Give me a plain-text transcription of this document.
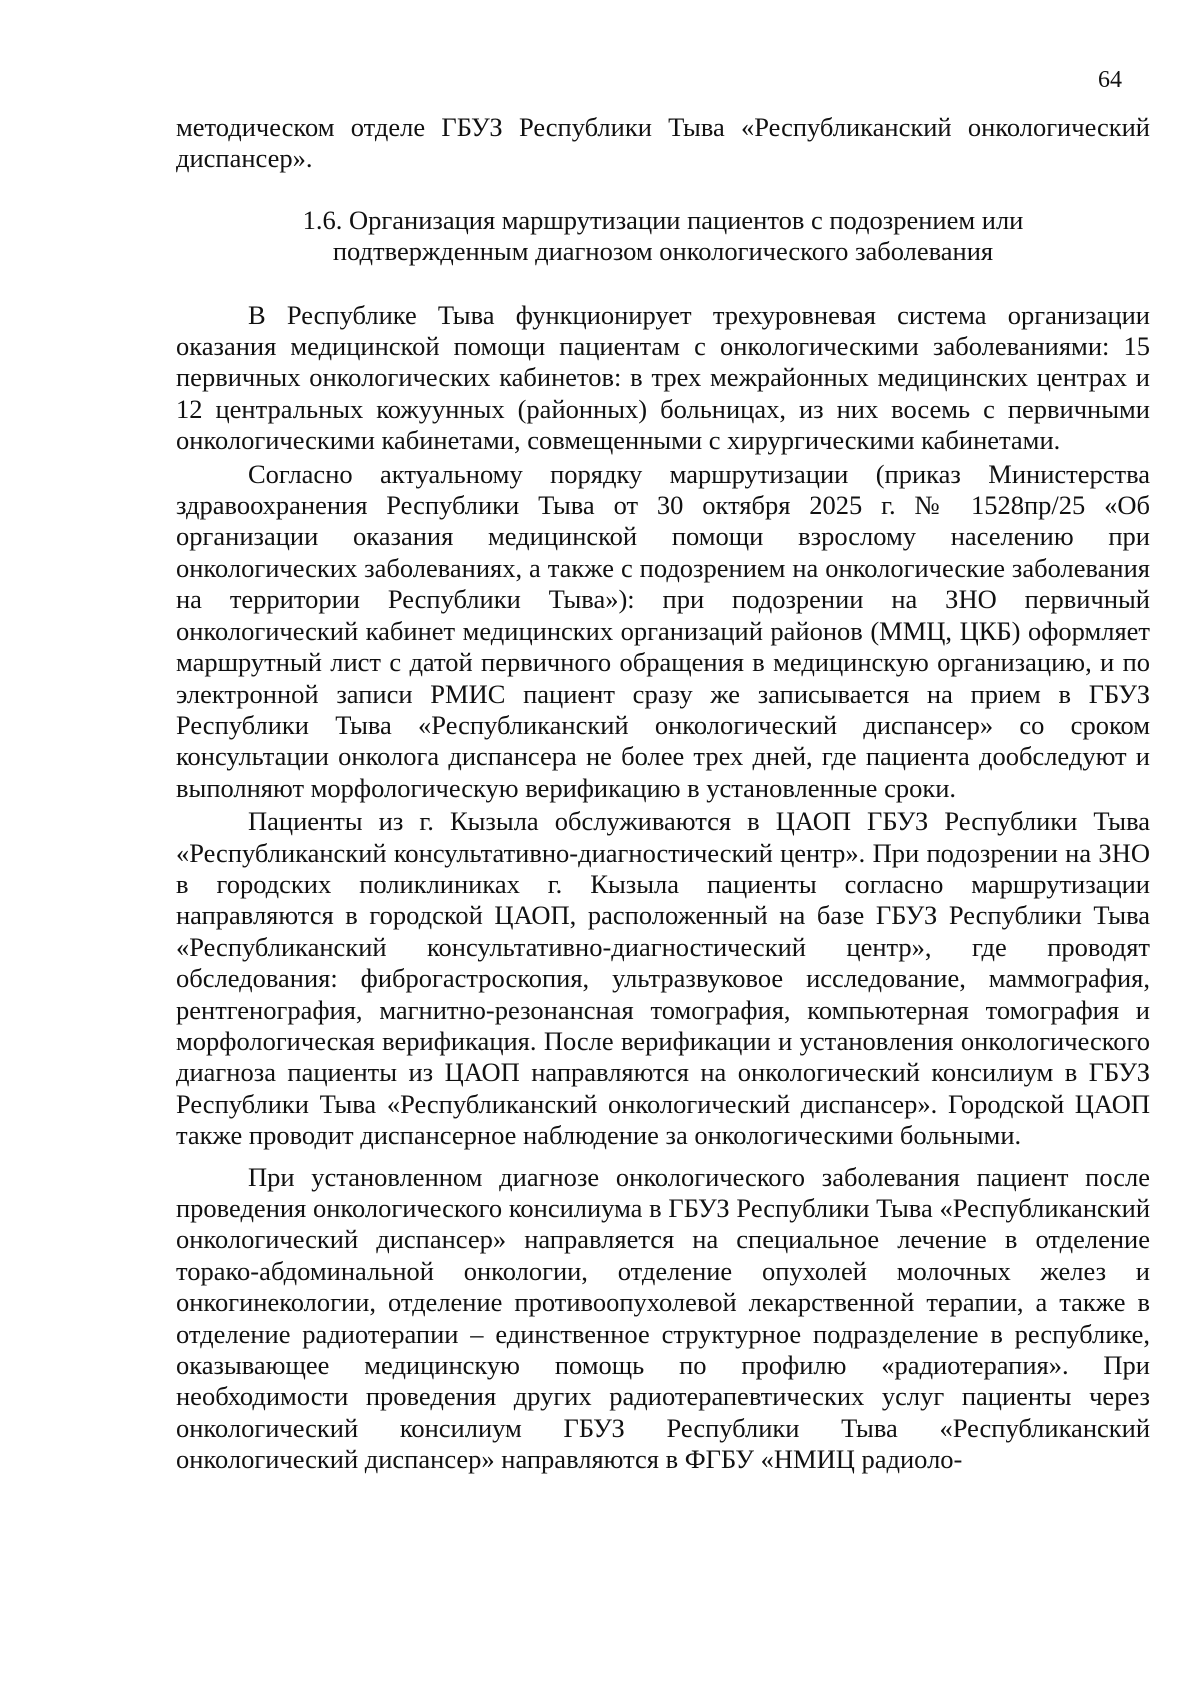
64

методическом отделе ГБУЗ Республики Тыва «Республиканский онкологический диспансер».

1.6. Организация маршрутизации пациентов с подозрением или
подтвержденным диагнозом онкологического заболевания

В Республике Тыва функционирует трехуровневая система организации оказания медицинской помощи пациентам с онкологическими заболеваниями: 15 первичных онкологических кабинетов: в трех межрайонных медицинских центрах и 12 центральных кожуунных (районных) больницах, из них восемь с первичными онкологическими кабинетами, совмещенными с хирургическими кабинетами.

Согласно актуальному порядку маршрутизации (приказ Министерства здравоохранения Республики Тыва от 30 октября 2025 г. № 1528пр/25 «Об организации оказания медицинской помощи взрослому населению при онкологических заболеваниях, а также с подозрением на онкологические заболевания на территории Республики Тыва»): при подозрении на ЗНО первичный онкологический кабинет медицинских организаций районов (ММЦ, ЦКБ) оформляет маршрутный лист с датой первичного обращения в медицинскую организацию, и по электронной записи РМИС пациент сразу же записывается на прием в ГБУЗ Республики Тыва «Республиканский онкологический диспансер» со сроком консультации онколога диспансера не более трех дней, где пациента дообследуют и выполняют морфологическую верификацию в установленные сроки.

Пациенты из г. Кызыла обслуживаются в ЦАОП ГБУЗ Республики Тыва «Республиканский консультативно-диагностический центр». При подозрении на ЗНО в городских поликлиниках г. Кызыла пациенты согласно маршрутизации направляются в городской ЦАОП, расположенный на базе ГБУЗ Республики Тыва «Республиканский консультативно-диагностический центр», где проводят обследования: фиброгастроскопия, ультразвуковое исследование, маммография, рентгенография, магнитно-резонансная томография, компьютерная томография и морфологическая верификация. После верификации и установления онкологического диагноза пациенты из ЦАОП направляются на онкологический консилиум в ГБУЗ Республики Тыва «Республиканский онкологический диспансер». Городской ЦАОП также проводит диспансерное наблюдение за онкологическими больными.

При установленном диагнозе онкологического заболевания пациент после проведения онкологического консилиума в ГБУЗ Республики Тыва «Республиканский онкологический диспансер» направляется на специальное лечение в отделение торако-абдоминальной онкологии, отделение опухолей молочных желез и онкогинекологии, отделение противоопухолевой лекарственной терапии, а также в отделение радиотерапии – единственное структурное подразделение в республике, оказывающее медицинскую помощь по профилю «радиотерапия». При необходимости проведения других радиотерапевтических услуг пациенты через онкологический консилиум ГБУЗ Республики Тыва «Республиканский онкологический диспансер» направляются в ФГБУ «НМИЦ радиоло-
